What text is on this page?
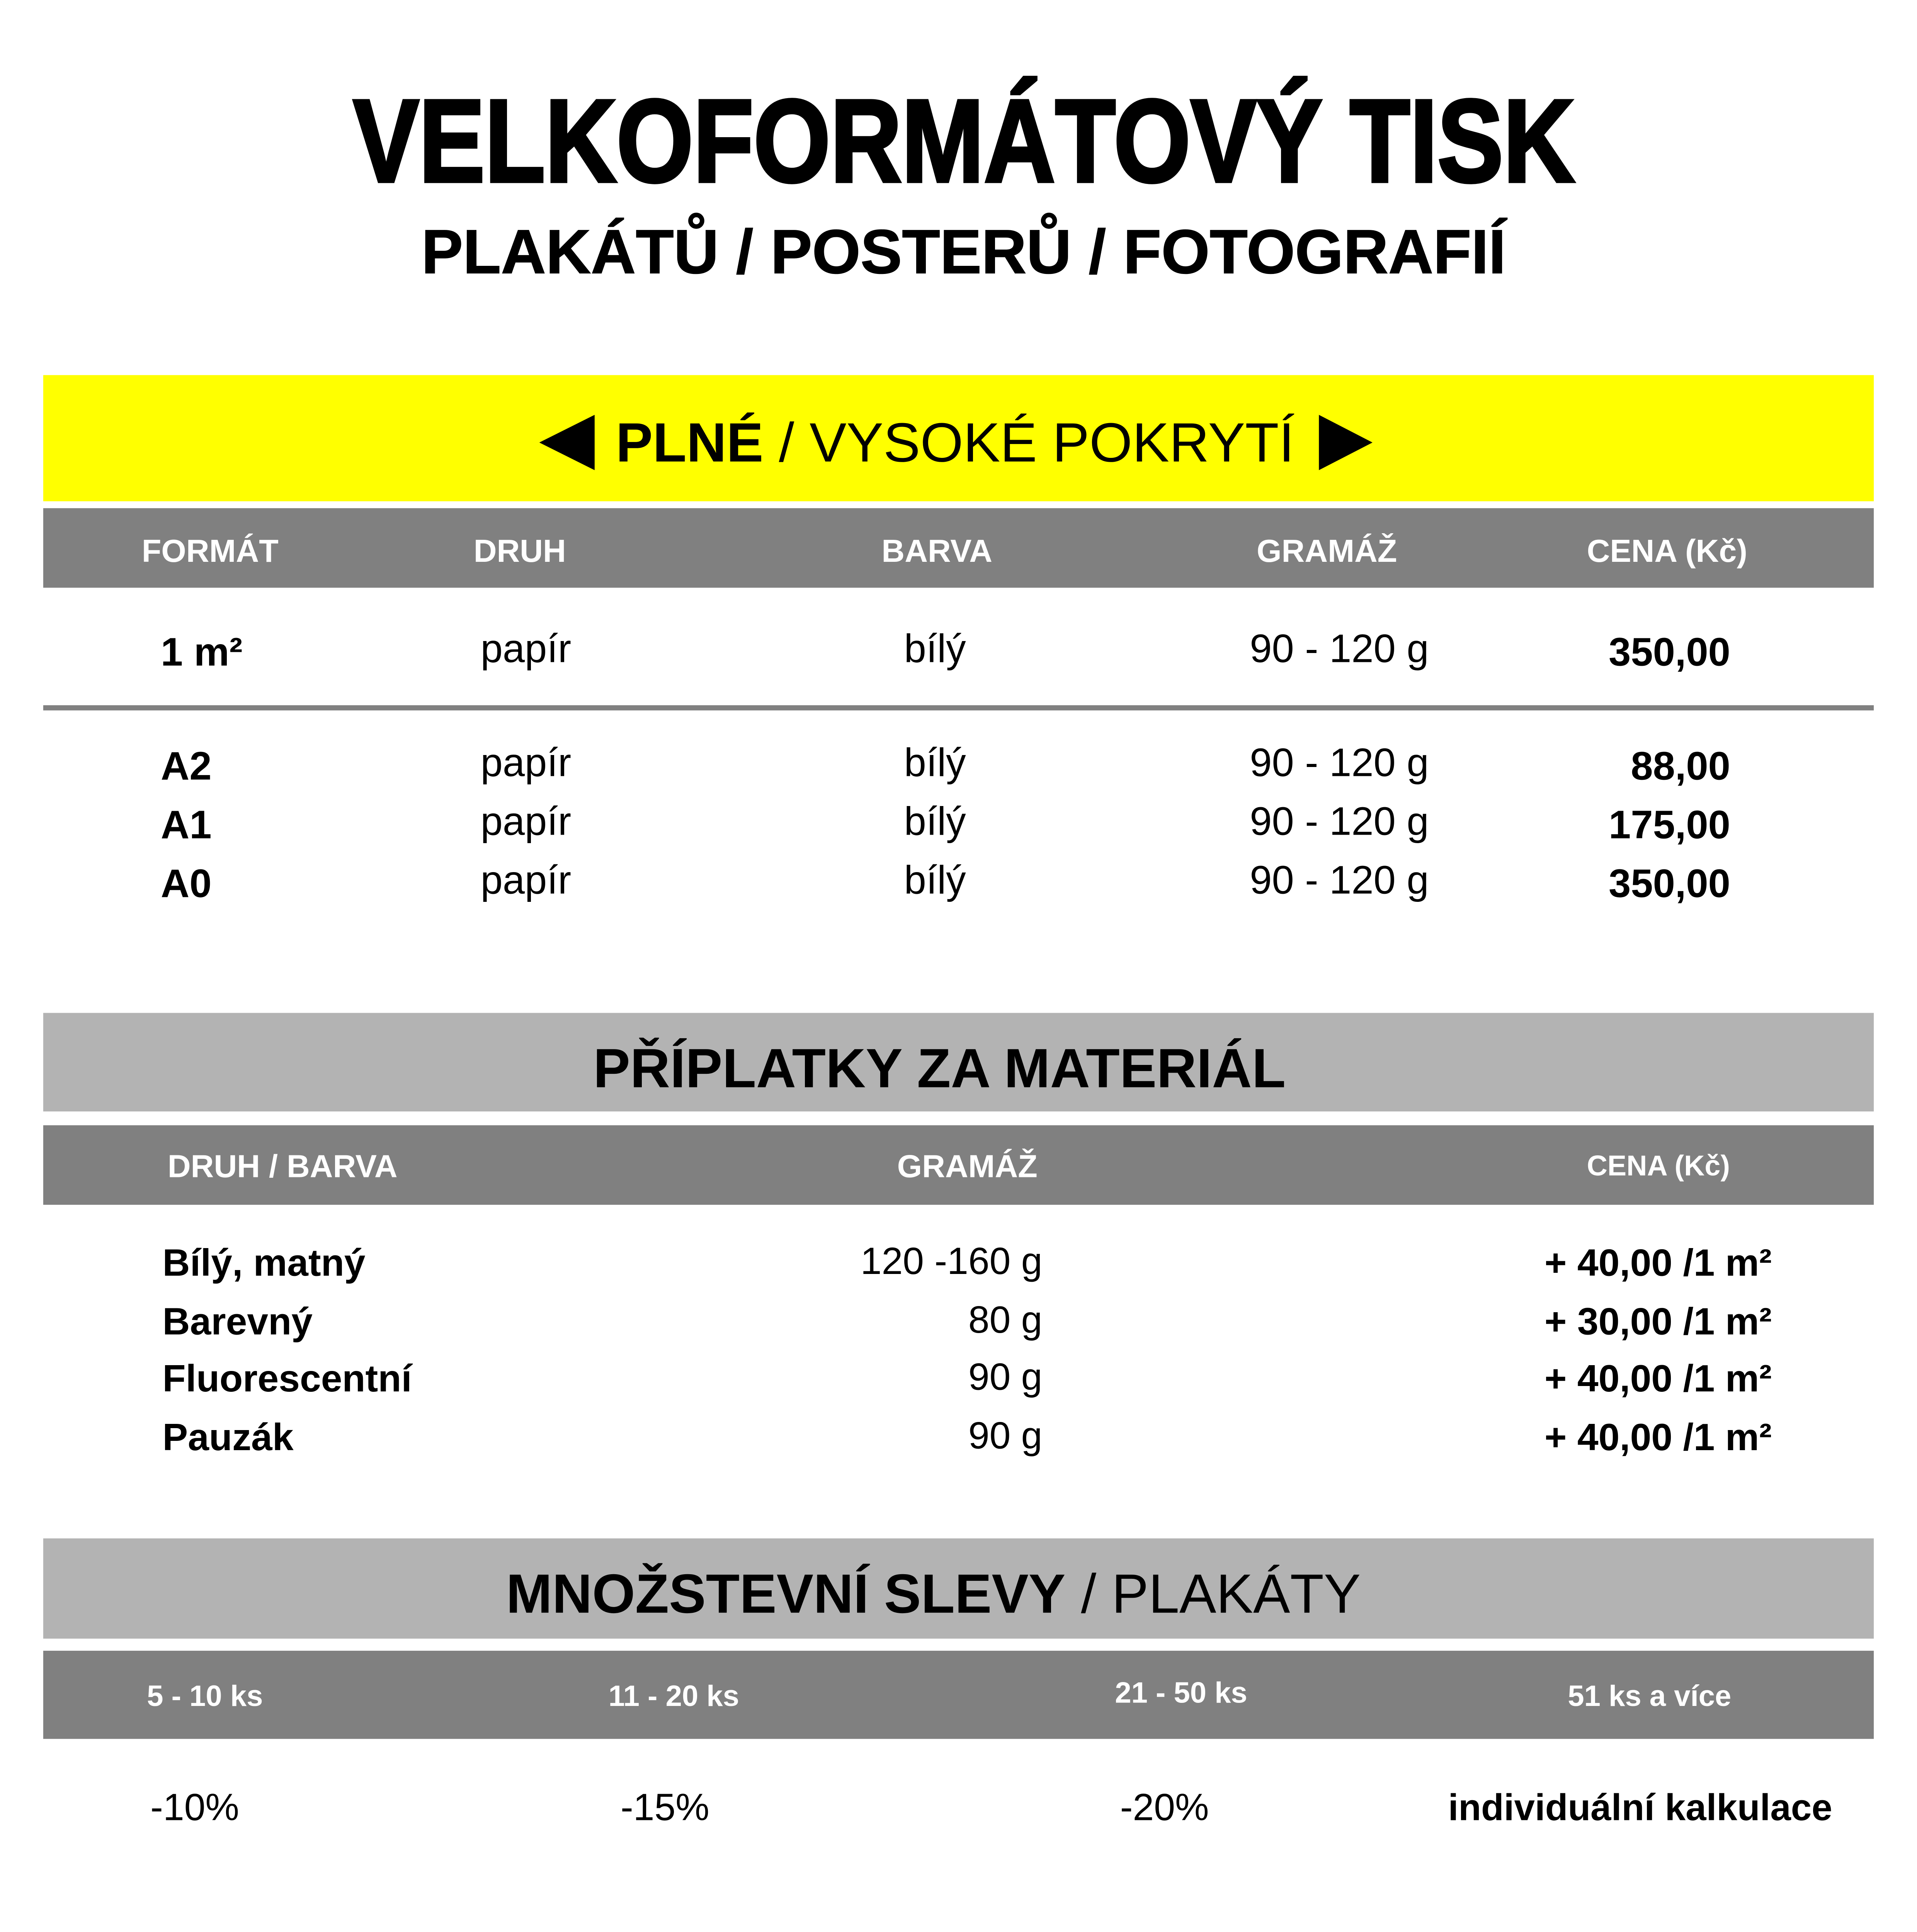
VELKOFORMÁTOVÝ TISK
PLAKÁTŮ / POSTERŮ / FOTOGRAFIÍ
PLNÉ / VYSOKÉ POKRYTÍ
FORMÁT	DRUH	BARVA	GRAMÁŽ	CENA (Kč)
1 m²	papír	bílý	90 - 120 g	350,00
A2	papír	bílý	90 - 120 g	88,00
A1	papír	bílý	90 - 120 g	175,00
A0	papír	bílý	90 - 120 g	350,00
PŘÍPLATKY ZA MATERIÁL
DRUH / BARVA	GRAMÁŽ	CENA (Kč)
Bílý, matný	120 -160 g	+ 40,00 /1 m²
Barevný	80 g	+ 30,00 /1 m²
Fluorescentní	90 g	+ 40,00 /1 m²
Pauzák	90 g	+ 40,00 /1 m²
MNOŽSTEVNÍ SLEVY / PLAKÁTY
5 - 10 ks	11 - 20 ks	21 - 50 ks	51 ks a více
-10%	-15%	-20%	individuální kalkulace
